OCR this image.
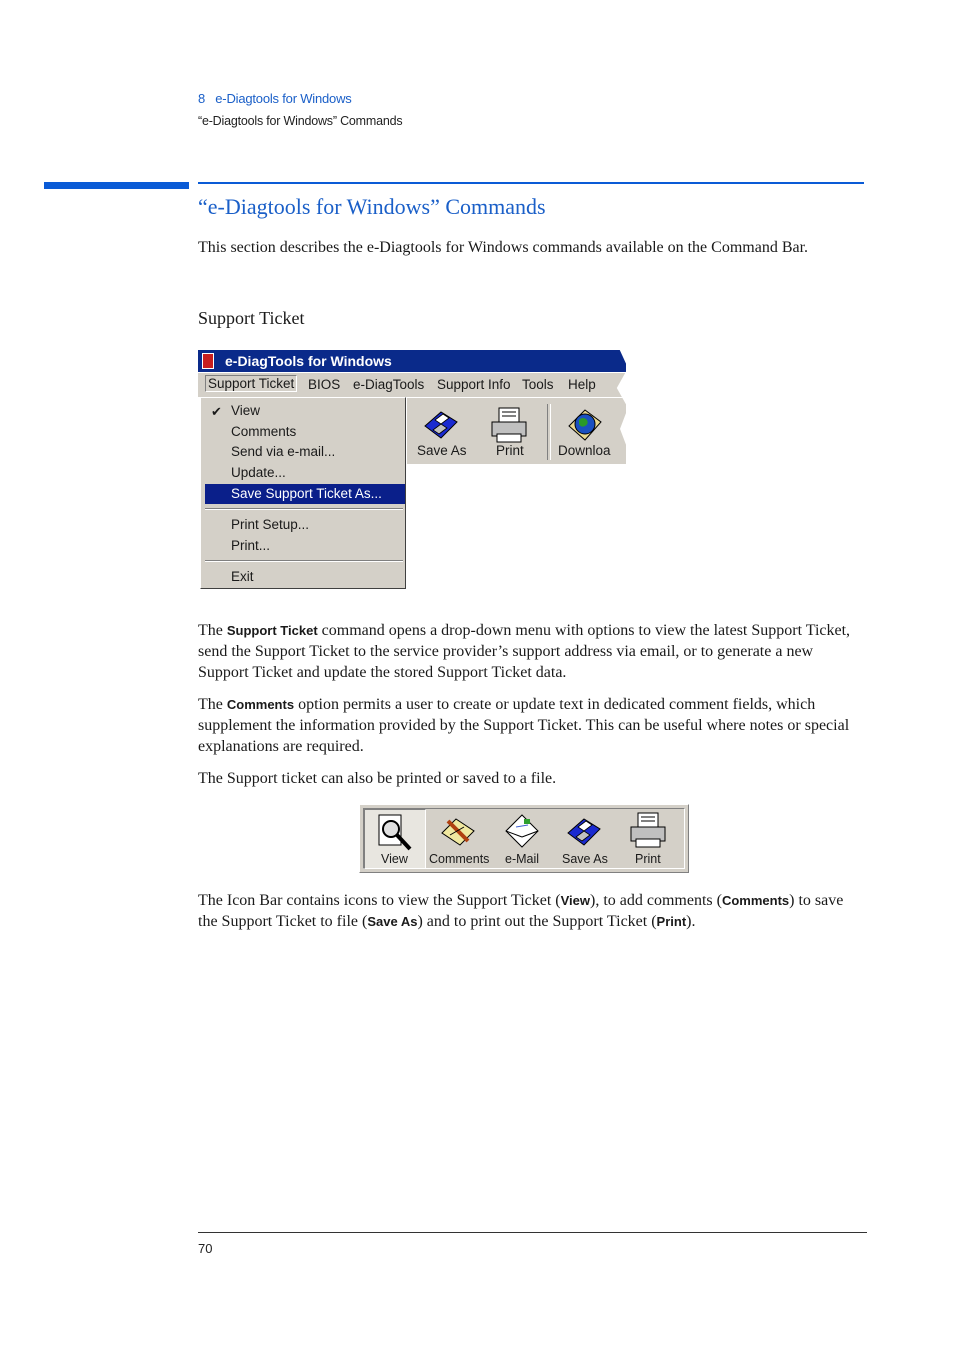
8 e-Diagtools for Windows
“e-Diagtools for Windows” Commands
“e-Diagtools for Windows” Commands
This section describes the e-Diagtools for Windows commands available on the Command Bar.
Support Ticket
e-DiagTools for Windows
Support Ticket BIOS e-DiagTools Support Info Tools Help
Save As Print	Downloa
✔ View
Comments
Send via e-mail...
Update...
Save Support Ticket As...
Print Setup...
Print...
Exit
The Support Ticket command opens a drop-down menu with options to view the latest Support Ticket, send the Support Ticket to the service provider’s support address via email, or to generate a new Support Ticket and update the stored Support Ticket data.
The Comments option permits a user to create or update text in dedicated comment fields, which supplement the information provided by the Support Ticket. This can be useful where notes or special explanations are required.
The Support ticket can also be printed or saved to a file.
View Comments e-Mail Save As Print
The Icon Bar contains icons to view the Support Ticket (View), to add comments (Comments) to save the Support Ticket to file (Save As) and to print out the Support Ticket (Print).
70
